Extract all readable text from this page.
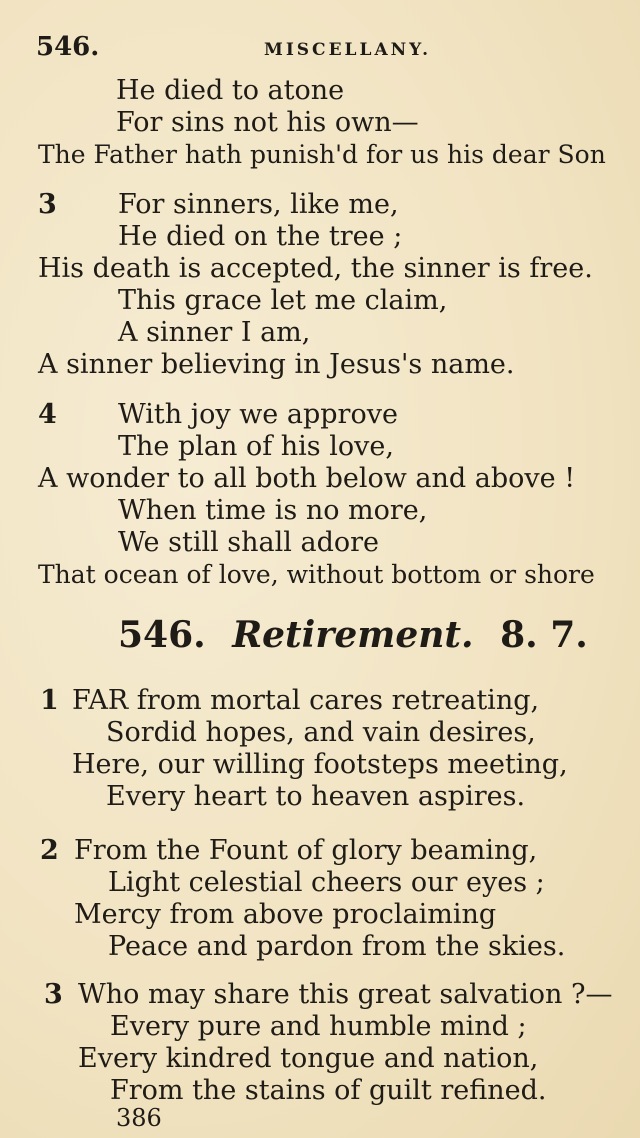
546.	MISCELLANY.
He died to atone
For sins not his own—
The Father hath punish'd for us his dear Son
3 For sinners, like me,
He died on the tree ;
His death is accepted, the sinner is free.
This grace let me claim,
A sinner I am,
A sinner believing in Jesus's name.
4 With joy we approve
The plan of his love,
A wonder to all both below and above !
When time is no more,
We still shall adore
That ocean of love, without bottom or shore
546. Retirement. 8. 7.
1 FAR from mortal cares retreating,
Sordid hopes, and vain desires,
Here, our willing footsteps meeting,
Every heart to heaven aspires.
2 From the Fount of glory beaming,
Light celestial cheers our eyes ;
Mercy from above proclaiming
Peace and pardon from the skies.
3 Who may share this great salvation ?—
Every pure and humble mind ;
Every kindred tongue and nation,
From the stains of guilt refined.
386
